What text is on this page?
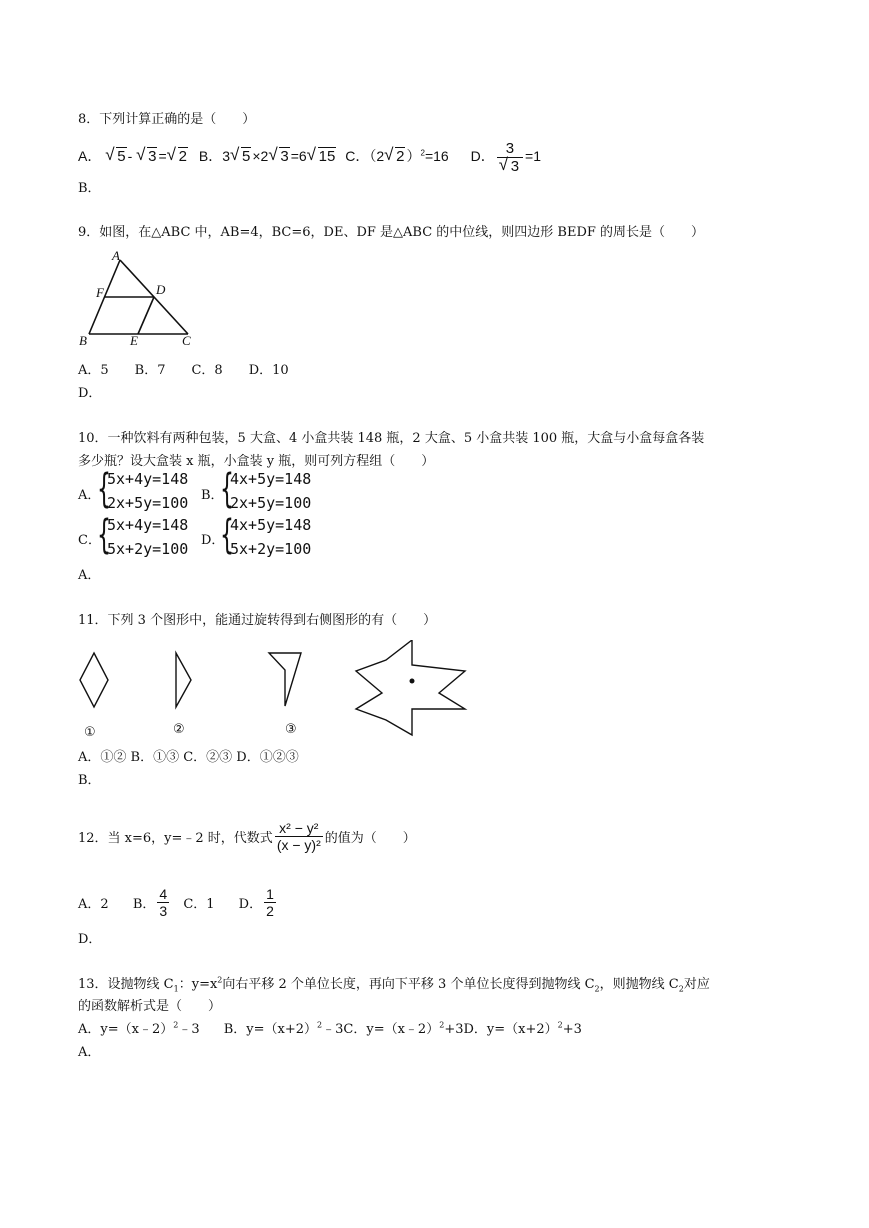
8．下列计算正确的是（　　）
A． √ 5 - √ 3 = √ 2 B．3 √ 5 ×2 √ 3 =6 √ 15 C．（2 √ 2 ）$^2$=16 D． 3
√ 3 =1
B．
9．如图，在△ABC 中，AB=4，BC=6，DE、DF 是△ABC 的中位线，则四边形 BEDF 的周长是（　　）
A
F	D
B	E	C
A．5　　B．7　　C．8　　D．10
D．
10．一种饮料有两种包装，5 大盒、4 小盒共装 148 瓶，2 大盒、5 小盒共装 100 瓶，大盒与小盒每盒各装
多少瓶？设大盒装 x 瓶，小盒装 y 瓶，则可列方程组（　　）
A．
{
5x+4y=148
2x+5y=100 B．
{
4x+5y=148
2x+5y=100
C．
{
5x+4y=148
5x+2y=100 D．
{
4x+5y=148
5x+2y=100
A．
11．下列 3 个图形中，能通过旋转得到右侧图形的有（　　）
①	②	③
A．①② B．①③ C．②③ D．①②③
B．
12．当 x=6，y=﹣2 时，代数式 $\frac{\text{x² − y²}}{\text{(x − y)²}}$ 的值为（　　）
A．2 B． $\frac{4}{3}$ C．1 D． $\frac{1}{2}$
D．
13．设抛物线 $C_1$：$y=x^2$向右平移 2 个单位长度，再向下平移 3 个单位长度得到抛物线 $C_2$，则抛物线 $C_2$对应
的函数解析式是（　　）
A．y=（x﹣2）$^2$﹣3 B．$y=(x+2)^2﹣3C$．y=（x﹣2）$^2$+3D．$y=(x+2)^2+3$
A．
